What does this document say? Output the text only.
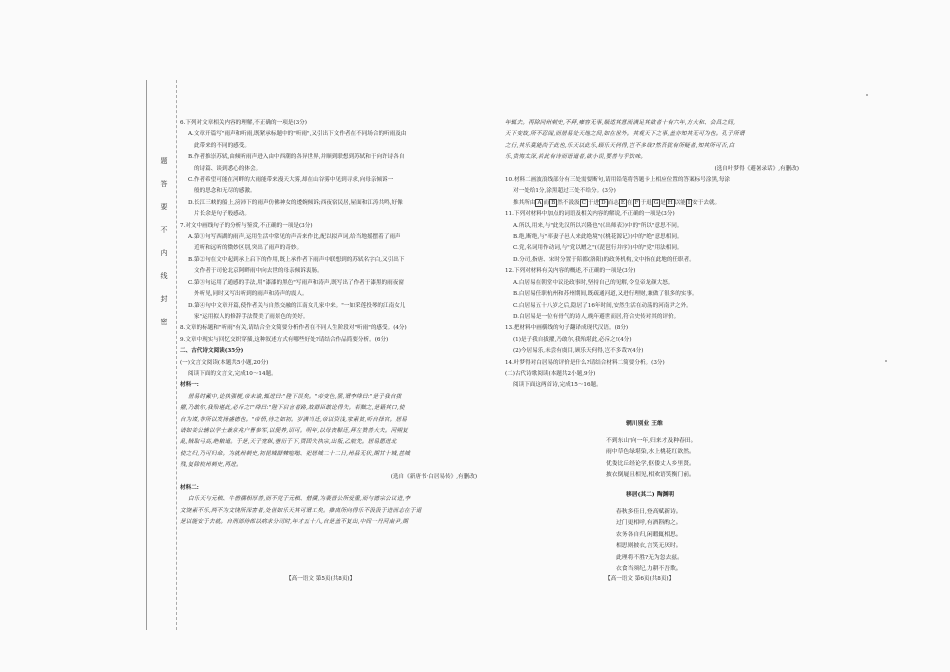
题
答
要
不
内
线
封
密

6.下列对文章相关内容的理解,不正确的一项是(3分)

A.文章开篇写"雨声和听雨,既紧承标题中的"听雨",又引出下文作者在不同场合的听雨及由

此带来的不同的感受。

B.作者推崇苏轼,由倾听雨声进入由中西潮的各异世界,并顺到联想到苏轼和于向许诗各自

的诗篇、谈到悉心的体会。

C.作者希望可能在河畔的大雨能带来漫天大雾,却在山谷雾中见到寻求,向母亲倾诉一

般的思念和无尽的感激。

D.长江三峡的船上,滂沛下的雨声仿佛神女的逶婉倾诉;西夜宿民居,屋面和江涛共鸣,好像

片长余是句子般感动。

7.对文中画线句子的分析与鉴赏,不正确的一项是(3分)

A.第①句写西湖的雨声,运用生活中常见的声音来作比,配以拟声词,给当地摇摆着了雨声

近听和远听的微妙区别,突出了雨声的奇妙。

B.第②句在文中起到承上启下的作用,既上承作者下雨声中联想到的苏轼名字白,又引出下

文作者于司伦北京阿畔雨中向去世的母亲倾诉衷肠。

C.第③句运用了通感的手法,用"漆漆的黑色"写雨声和涛声,既写出了作者于漆黑的雨夜窗

外听见,同时又写出听到的雨声和涛声的震人。

D.第④句中文章开篇,使作者关与自然交融的江南女儿家中来。"一如采莲投琴的江南女儿

家"运用拟人的修辞手法赞美了雨景色的美好。

8.文章的标题和"听雨"有关,请结合全文简要分析作者在不同人生阶段对"听雨"的感受。(4分)

9.文章中现实与回忆交织穿插,这种叙述方式有哪些好处?请结合作品简要分析。(6分)

二、古代诗文阅读(35分)

(一)文言文阅读(本题共5小题,20分)

阅读下面的文言文,完成10～14题。

材料一:

居易时戴中,论执强梗,帝未谕,辄进曰:"陛下误矣。"帝变色,罢,谓李绛曰:"是子我自拔

擢,乃敢尔,我殆堪此,必斥之!"绛曰:"陛下启言者路,故群臣敢论得失。若黜之,是籍其口,使

自为谋,非所以发扬盛德也。"帝悟,待之如初。岁满当迁,帝以资浅,家素贫,听自择官。居易

请如姜公辅以学士兼京兆户曹参军,以便养,诏可。明年,以母丧解还,拜左赞善大夫。河朔复

乱,贼取弓高,绝粮道。于是,天子宽纵,垂衍于下,贾固失执宗,出叛,乙航先。居易愿进北

使之归,乃可归命。为就州刺史,初昆城群棘喧嗡、祀居城二十二日,州县无状,期甘十城,甚城

残,复除杭州刺史,再进。

(选自《新唐书·白居易传》,有删改)

材料二:

白乐天与元稹、牛僧孺相厚善,而不党于元稹、僧孺,为裴晋公所爱重,而与德宗公议进,李

文饶素不乐,两不为文饶所深害者,处世如乐天其可谓工矣。推离所向得乐不汲汲于进而志在于退

是以能安于去就。自刑部侍郎以病求分司时,年才五十八,自是盖不复出,中间一丹河南尹,期

年辄去。再除同州刺史,不拜,雍容无事,顺适其意而满足其欲者十有六年,方大和、会昌之间,

天下变故,所不忍闻,而居易处天地之间,如在世外。其观天下之事,盖亦知其无可为也。孔子所谓

之行,其乐莫能尚于此也,乐天以此乐,顾乐天何得,岂不多哉?然吾犹有所疑者,知其所可否,白

乐,贵悔太深,若此有诗而语道者,欲小误,要善与乎饮味。

(选自叶梦得《避暑录话》,有删改)

10.材料二画波浪线部分有三处需要断句,请用铅笔将答题卡上相应位置的答案标号涂黑,每涂

对一处给1分,涂黑超过三处不给分。(3分)

推其所由 A 而 B 然不汲汲 C 于进 D 而志 E 在 F 于退 G 是 H 以能 I 安于去就。

11.下列对材料中加点的词语及相关内容的解说,不正确的一项是(3分)

A.所以,用来,与"此先汉所以兴隆也"(《出师表》)中的"所以"意思不同。

B.绝,断绝,与"率妻子邑人来此绝境"(《桃花源记》)中的"绝"意思相同。

C.党,名词用作动词,与"党以赠之"(《琵琶行并序》)中的"党"用法相同。

D.分司,指唐、宋时分置于陪都(洛阳)的政务机构,文中指在此地的任职者。

12.下列对材料有关内容的概述,不正确的一项是(3分)

A.白居易在朝堂中议论政事时,坚持自己的见解,令皇帝龙颜大怒。

B.白居易任职杭州和苏州期间,既疏通河道,又进行理财,兼做了很多的实事。

C.白居易五十八岁之后,隐居了16年时间,安然生活在动荡的河南尹之外。

D.白居易是一位有骨气的诗人,晚年避世而居,符合史传对其的评价。

13.把材料中画横线的句子翻译成现代汉语。(8分)

(1)是子我自拔擢,乃敢尔,我殆堪此,必斥之!(4分)

(2)今居易乐,未尝有虞目,顾乐天何得,岂不多哉?(4分)

14.叶梦得对白居易的评价是什么?请结合材料二简要分析。(3分)

(二)古代诗歌阅读(本题共2小题,9分)

阅读下面这两首诗,完成15～16题。

辋川别业 王维

不到东山'向一年,归来才及种春田。

雨中草色绿堪染,水上桃花红欲然。

优娄比丘经论学,伛偻丈人乡里贤。

披衣倒屣且相见,相欢语笑衡门前。

移居(其二) 陶渊明

春秋多佳日,登高赋新诗。

过门更相呼,有酒斟酌之。

农务各自归,闲暇辄相思。

相思则披衣,言笑无厌时。

此理将不胜?无为忽去兹。

衣食当须纪,力耕不吾欺。

【高一语文 第5页(共8页)】	【高一语文 第6页(共8页)】
